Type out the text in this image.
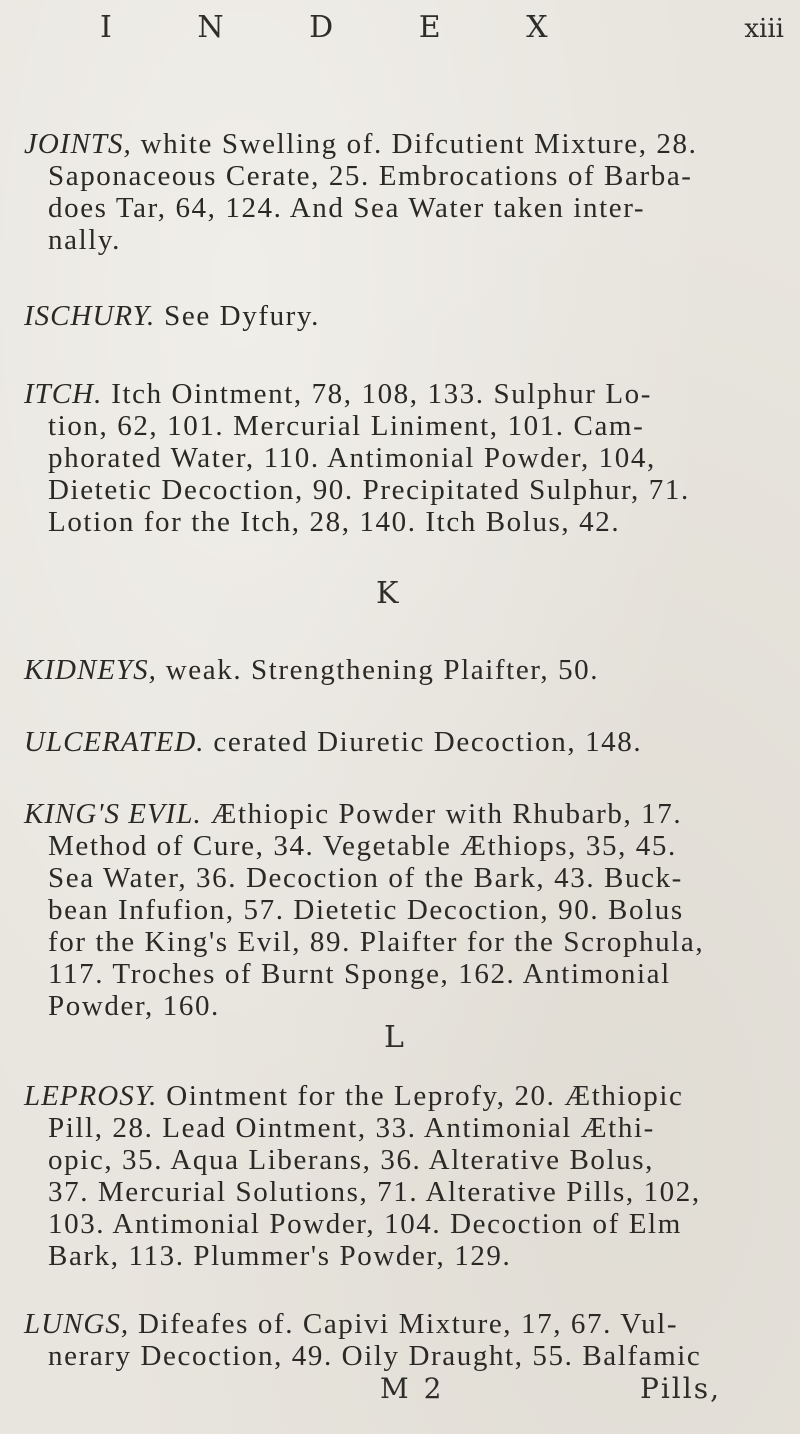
I N D E X	xiii
JOINTS, white Swelling of. Difcutient Mixture, 28.
Saponaceous Cerate, 25. Embrocations of Barba-
does Tar, 64, 124. And Sea Water taken inter-
nally.
ISCHURY. See Dyfury.
ITCH. Itch Ointment, 78, 108, 133. Sulphur Lo-
tion, 62, 101. Mercurial Liniment, 101. Cam-
phorated Water, 110. Antimonial Powder, 104,
Dietetic Decoction, 90. Precipitated Sulphur, 71.
Lotion for the Itch, 28, 140. Itch Bolus, 42.
K
KIDNEYS, weak. Strengthening Plaifter, 50.
ULCERATED. cerated Diuretic Decoction, 148.
KING'S EVIL. Æthiopic Powder with Rhubarb, 17.
Method of Cure, 34. Vegetable Æthiops, 35, 45.
Sea Water, 36. Decoction of the Bark, 43. Buck-
bean Infufion, 57. Dietetic Decoction, 90. Bolus
for the King's Evil, 89. Plaifter for the Scrophula,
117. Troches of Burnt Sponge, 162. Antimonial
Powder, 160.
L
LEPROSY. Ointment for the Leprofy, 20. Æthiopic
Pill, 28. Lead Ointment, 33. Antimonial Æthi-
opic, 35. Aqua Liberans, 36. Alterative Bolus,
37. Mercurial Solutions, 71. Alterative Pills, 102,
103. Antimonial Powder, 104. Decoction of Elm
Bark, 113. Plummer's Powder, 129.
LUNGS, Difeafes of. Capivi Mixture, 17, 67. Vul-
nerary Decoction, 49. Oily Draught, 55. Balfamic
M 2	Pills,
